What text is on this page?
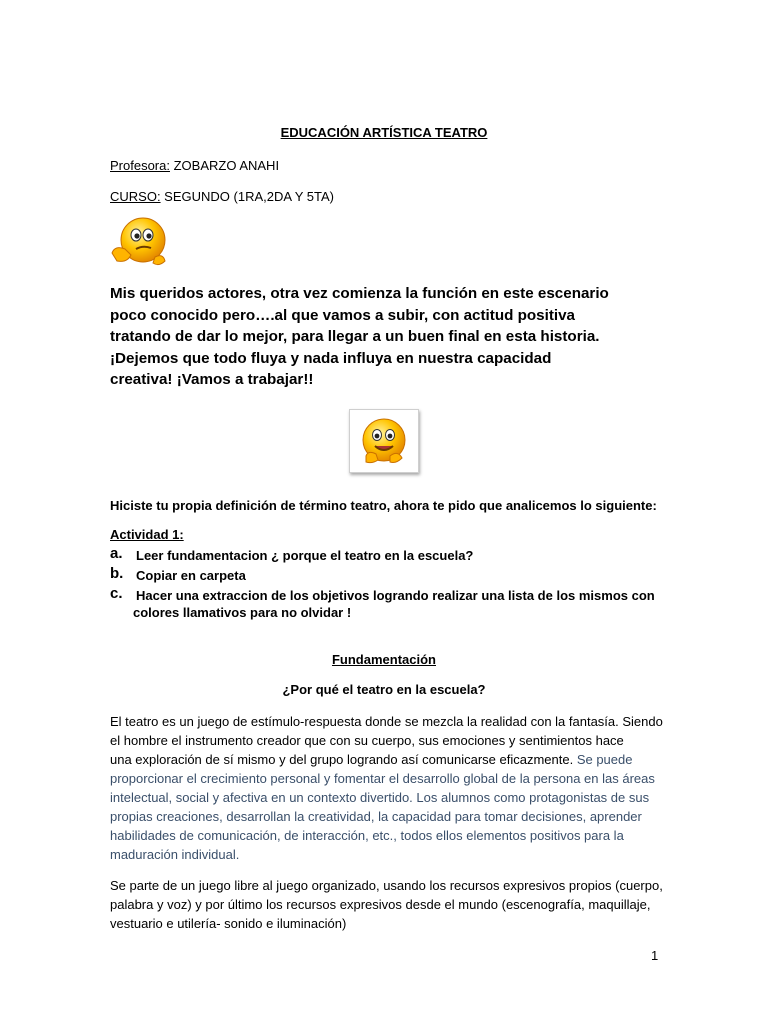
EDUCACIÓN ARTÍSTICA TEATRO
Profesora: ZOBARZO ANAHI
CURSO: SEGUNDO (1RA,2DA Y 5TA)
Mis queridos actores, otra vez comienza la función en este escenario
poco conocido pero….al que vamos a subir, con actitud positiva
tratando de dar lo mejor, para llegar a un buen final en esta historia.
¡Dejemos que todo fluya y nada influya en nuestra capacidad
creativa! ¡Vamos a trabajar!!
Hiciste tu propia definición de término teatro, ahora te pido que analicemos lo siguiente:
Actividad 1:
a. Leer fundamentacion ¿ porque el teatro en la escuela?
b. Copiar en carpeta
c. Hacer una extraccion de los objetivos logrando realizar una lista de los mismos con
colores llamativos para no olvidar !
Fundamentación
¿Por qué el teatro en la escuela?
El teatro es un juego de estímulo-respuesta donde se mezcla la realidad con la fantasía. Siendo
el hombre el instrumento creador que con su cuerpo, sus emociones y sentimientos hace
una exploración de sí mismo y del grupo logrando así comunicarse eficazmente. Se puede
proporcionar el crecimiento personal y fomentar el desarrollo global de la persona en las áreas
intelectual, social y afectiva en un contexto divertido. Los alumnos como protagonistas de sus
propias creaciones, desarrollan la creatividad, la capacidad para tomar decisiones, aprender
habilidades de comunicación, de interacción, etc., todos ellos elementos positivos para la
maduración individual.
Se parte de un juego libre al juego organizado, usando los recursos expresivos propios (cuerpo,
palabra y voz) y por último los recursos expresivos desde el mundo (escenografía, maquillaje,
vestuario e utilería- sonido e iluminación)
1
